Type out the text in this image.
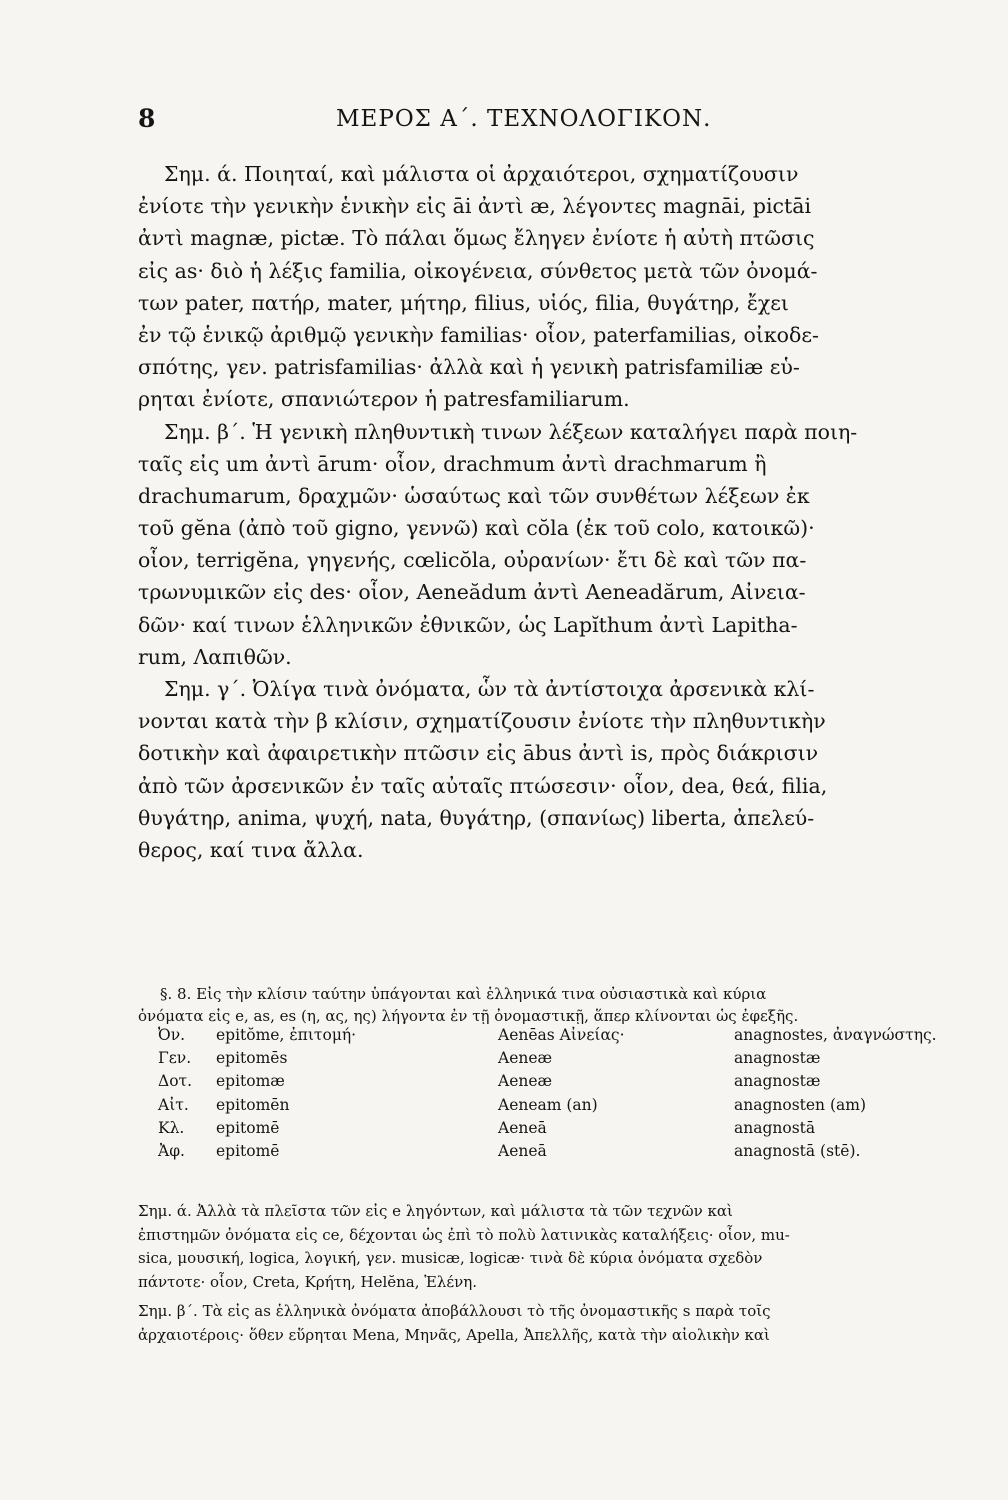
8	ΜΕΡΟΣ Α΄. ΤΕΧΝΟΛΟΓΙΚΟΝ.
Σημ. ά. Ποιηταί, καὶ μάλιστα οἱ ἀρχαιότεροι, σχηματίζουσιν
ἐνίοτε τὴν γενικὴν ἑνικὴν εἰς āi ἀντὶ æ, λέγοντες magnāi, pictāi
ἀντὶ magnæ, pictæ. Τὸ πάλαι ὅμως ἔληγεν ἐνίοτε ἡ αὐτὴ πτῶσις
εἰς as· διὸ ἡ λέξις familia, οἰκογένεια, σύνθετος μετὰ τῶν ὀνομά-
των pater, πατήρ, mater, μήτηρ, filius, υἱός, filia, θυγάτηρ, ἔχει
ἐν τῷ ἑνικῷ ἀριθμῷ γενικὴν familias· οἷον, paterfamilias, οἰκοδε-
σπότης, γεν. patrisfamilias· ἀλλὰ καὶ ἡ γενικὴ patrisfamiliæ εὑ-
ρηται ἐνίοτε, σπανιώτερον ἡ patresfamiliarum.
Σημ. β΄. Ἡ γενικὴ πληθυντικὴ τινων λέξεων καταλήγει παρὰ ποιη-
ταῖς εἰς um ἀντὶ ārum· οἷον, drachmum ἀντὶ drachmarum ἢ
drachumarum, δραχμῶν· ὡσαύτως καὶ τῶν συνθέτων λέξεων ἐκ
τοῦ gĕna (ἀπὸ τοῦ gigno, γεννῶ) καὶ cŏla (ἐκ τοῦ colo, κατοικῶ)·
οἷον, terrigĕna, γηγενής, cœlicŏla, οὐρανίων· ἔτι δὲ καὶ τῶν πα-
τρωνυμικῶν εἰς des· οἷον, Aeneădum ἀντὶ Aeneadărum, Αἰνεια-
δῶν· καί τινων ἑλληνικῶν ἐθνικῶν, ὡς Lapĭthum ἀντὶ Lapitha-
rum, Λαπιθῶν.
Σημ. γ΄. Ὀλίγα τινὰ ὀνόματα, ὧν τὰ ἀντίστοιχα ἀρσενικὰ κλί-
νονται κατὰ τὴν β κλίσιν, σχηματίζουσιν ἐνίοτε τὴν πληθυντικὴν
δοτικὴν καὶ ἀφαιρετικὴν πτῶσιν εἰς ābus ἀντὶ is, πρὸς διάκρισιν
ἀπὸ τῶν ἀρσενικῶν ἐν ταῖς αὐταῖς πτώσεσιν· οἷον, dea, θεά, filia,
θυγάτηρ, anima, ψυχή, nata, θυγάτηρ, (σπανίως) liberta, ἀπελεύ-
θερος, καί τινα ἄλλα.
§. 8. Εἰς τὴν κλίσιν ταύτην ὑπάγονται καὶ ἑλληνικά τινα οὐσιαστικὰ καὶ κύρια
ὀνόματα εἰς e, as, es (η, ας, ης) λήγοντα ἐν τῇ ὀνομαστικῇ, ἅπερ κλίνονται ὡς ἐφεξῆς.
Ὀν.	epitŏme, ἐπιτομή·	Aenēas Αἰνείας·	anagnostes, ἀναγνώστης.
Γεν.	epitomēs	Aeneæ	anagnostæ
Δοτ.	epitomæ	Aeneæ	anagnostæ
Αἰτ.	epitomēn	Aeneam (an)	anagnosten (am)
Κλ.	epitomē	Aeneā	anagnostā
Ἀφ.	epitomē	Aeneā	anagnostā (stē).
Σημ. ά. Ἀλλὰ τὰ πλεῖστα τῶν εἰς e ληγόντων, καὶ μάλιστα τὰ τῶν τεχνῶν καὶ
ἐπιστημῶν ὀνόματα εἰς ce, δέχονται ὡς ἐπὶ τὸ πολὺ λατινικὰς καταλήξεις· οἷον, mu-
sica, μουσική, logica, λογική, γεν. musicæ, logicæ· τινὰ δὲ κύρια ὀνόματα σχεδὸν
πάντοτε· οἷον, Creta, Κρήτη, Helĕna, Ἑλένη.
Σημ. β΄. Τὰ εἰς as ἑλληνικὰ ὀνόματα ἀποβάλλουσι τὸ τῆς ὀνομαστικῆς s παρὰ τοῖς
ἀρχαιοτέροις· ὅθεν εὕρηται Mena, Μηνᾶς, Apella, Ἀπελλῆς, κατὰ τὴν αἰολικὴν καὶ
